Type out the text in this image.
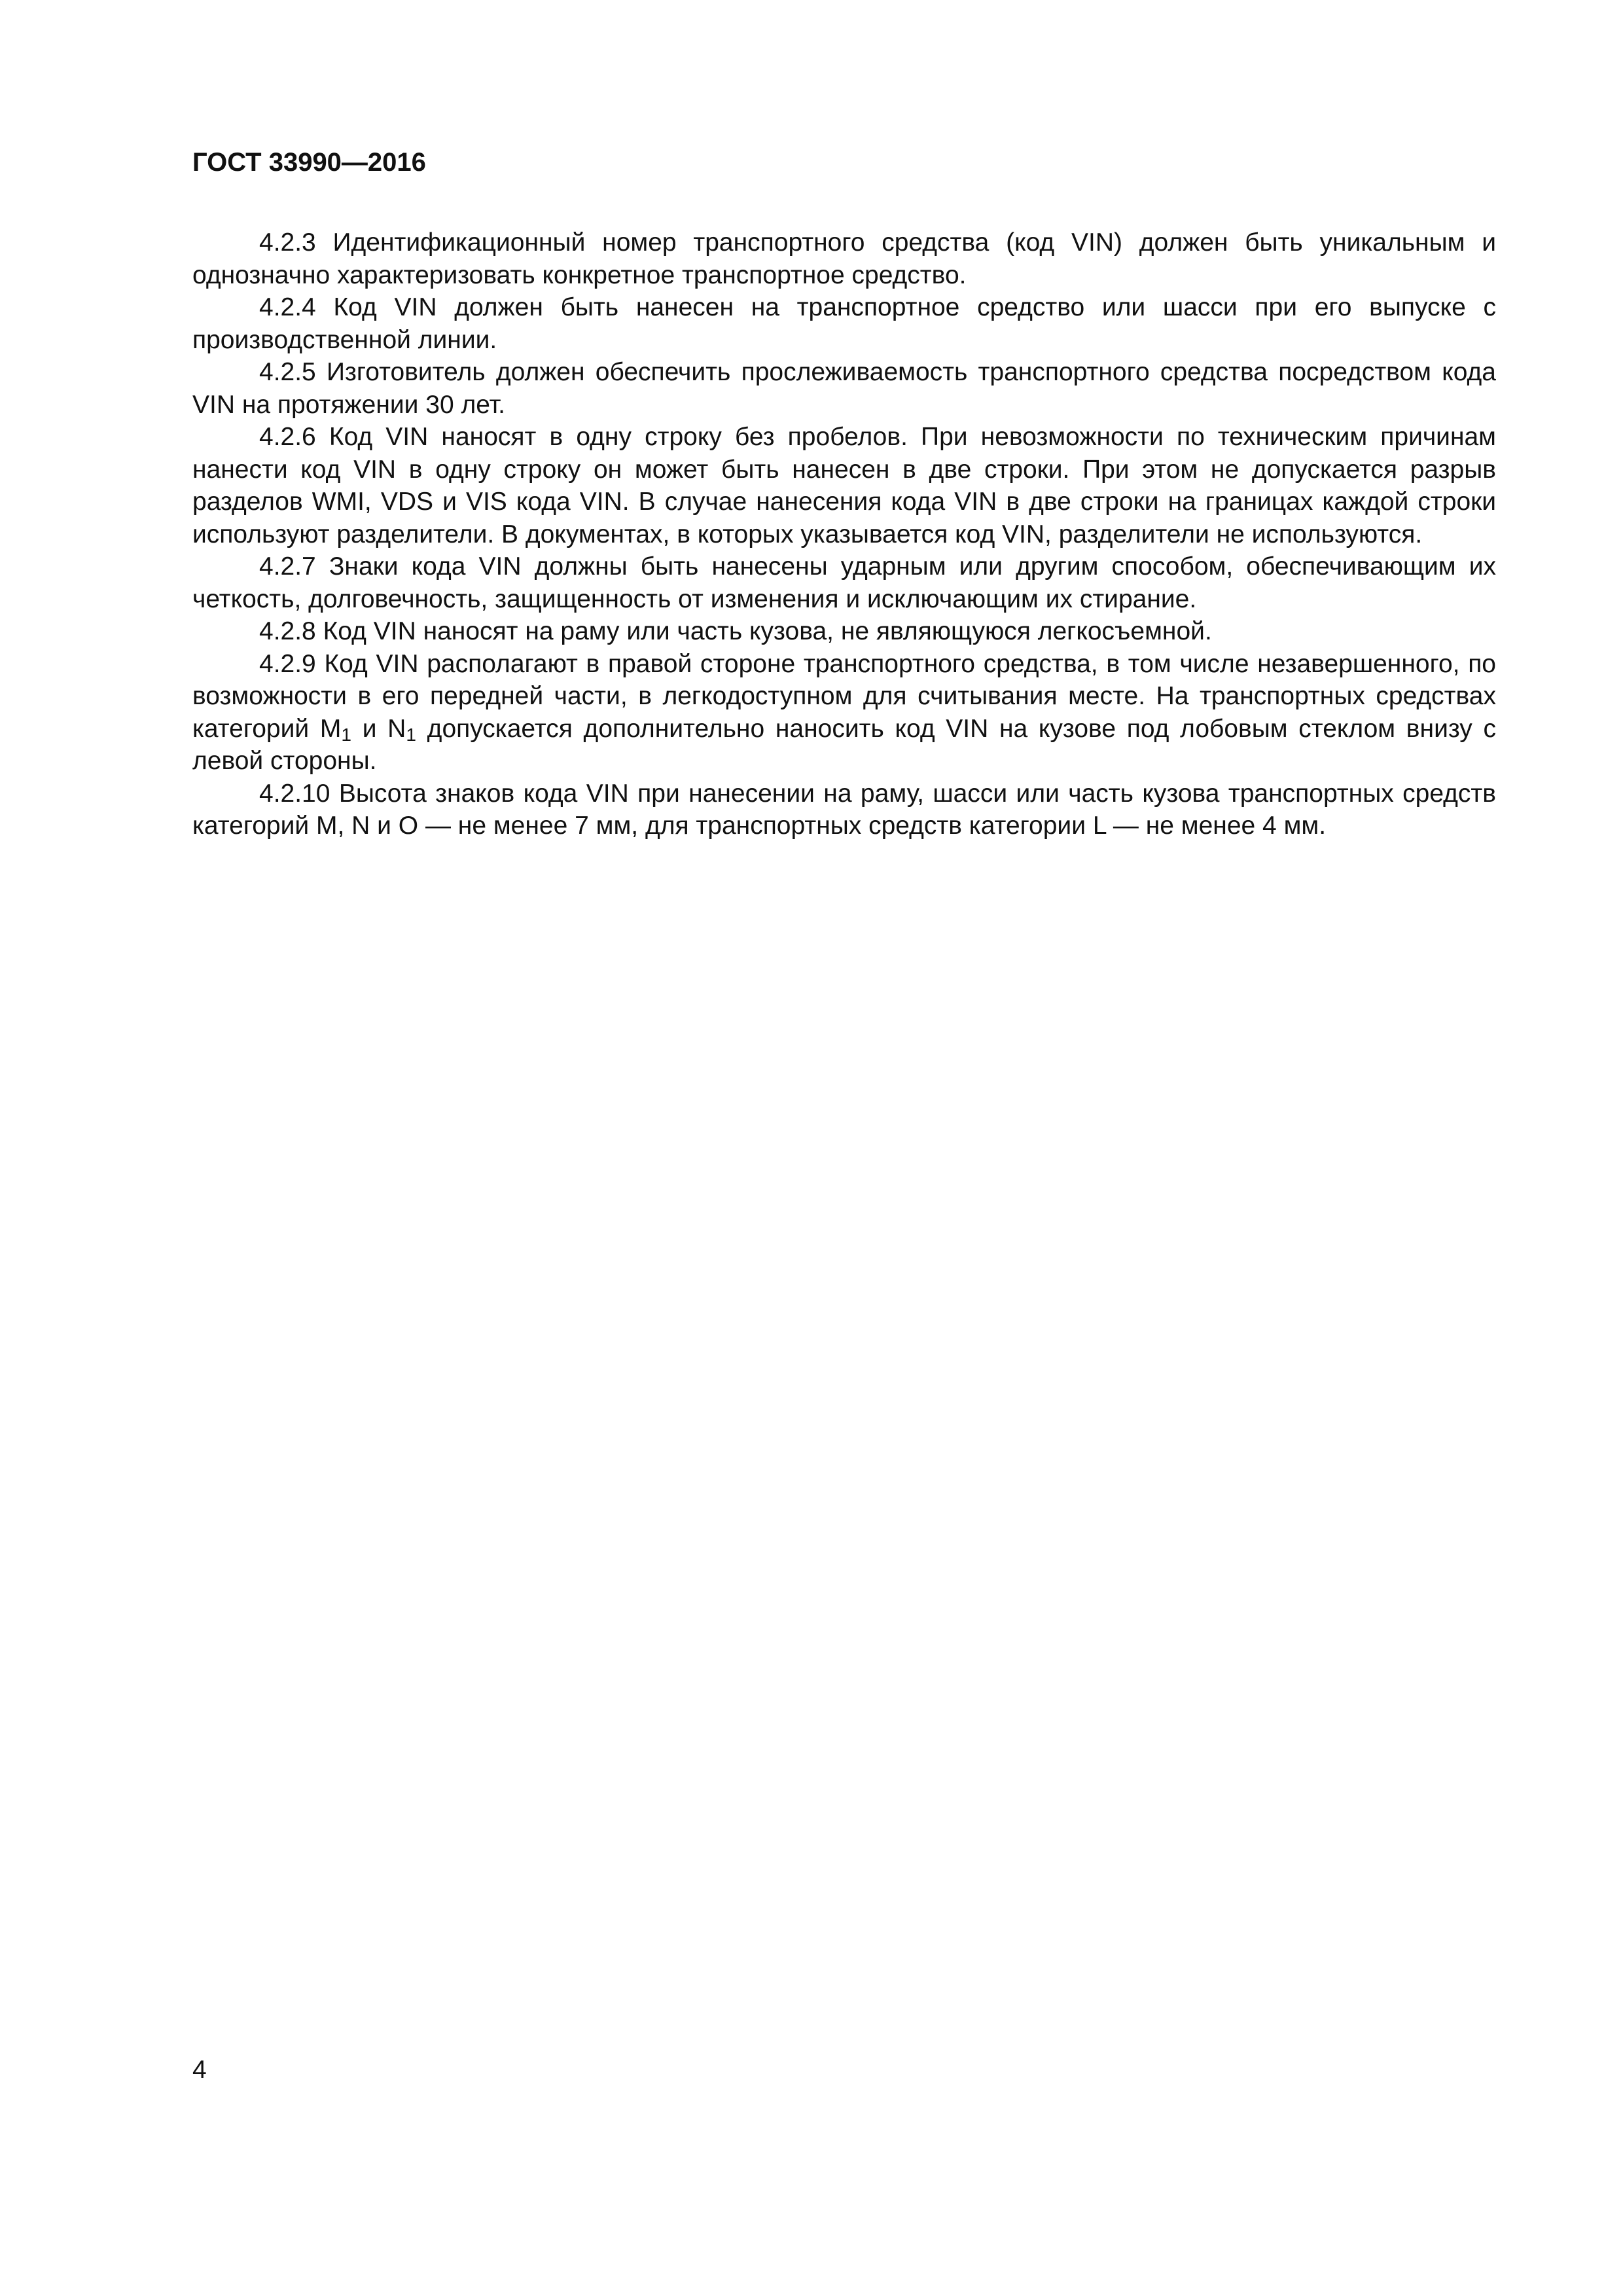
ГОСТ 33990—2016

4.2.3 Идентификационный номер транспортного средства (код VIN) должен быть уникальным и однозначно характеризовать конкретное транспортное средство.

4.2.4 Код VIN должен быть нанесен на транспортное средство или шасси при его выпуске с производственной линии.

4.2.5 Изготовитель должен обеспечить прослеживаемость транспортного средства посредством кода VIN на протяжении 30 лет.

4.2.6 Код VIN наносят в одну строку без пробелов. При невозможности по техническим причинам нанести код VIN в одну строку он может быть нанесен в две строки. При этом не допускается разрыв разделов WMI, VDS и VIS кода VIN. В случае нанесения кода VIN в две строки на границах каждой строки используют разделители. В документах, в которых указывается код VIN, разделители не используются.

4.2.7 Знаки кода VIN должны быть нанесены ударным или другим способом, обеспечивающим их четкость, долговечность, защищенность от изменения и исключающим их стирание.

4.2.8 Код VIN наносят на раму или часть кузова, не являющуюся легкосъемной.

4.2.9 Код VIN располагают в правой стороне транспортного средства, в том числе незавершенного, по возможности в его передней части, в легкодоступном для считывания месте. На транспортных средствах категорий $M_1$ и $N_1$ допускается дополнительно наносить код VIN на кузове под лобовым стеклом внизу с левой стороны.

4.2.10 Высота знаков кода VIN при нанесении на раму, шасси или часть кузова транспортных средств категорий M, N и O — не менее 7 мм, для транспортных средств категории L — не менее 4 мм.

4
